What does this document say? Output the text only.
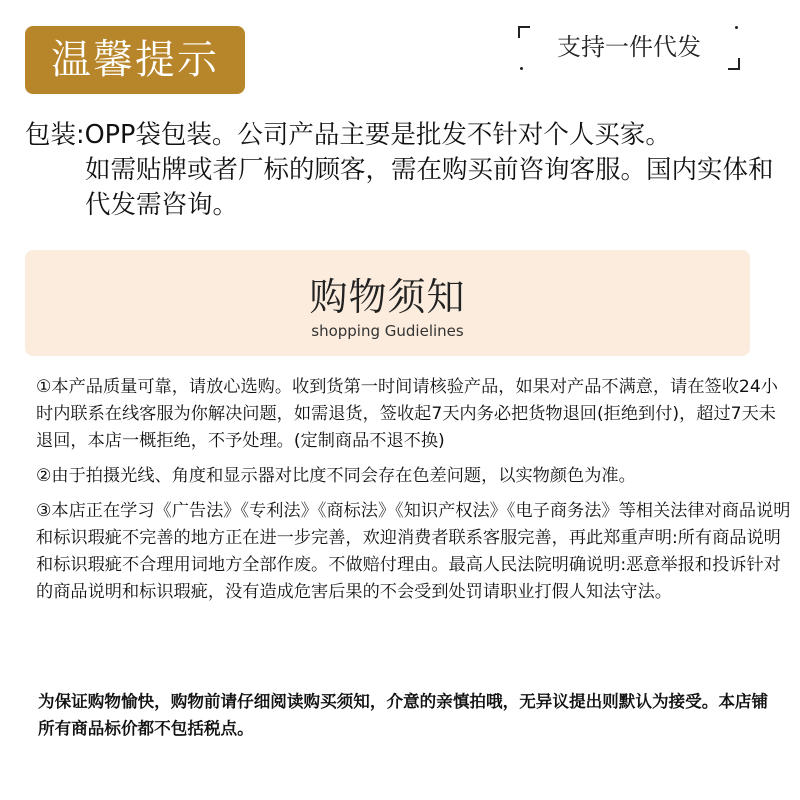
温馨提示	支持一件代发
包装:OPP袋包装。公司产品主要是批发不针对个人买家。
如需贴牌或者厂标的顾客，需在购买前咨询客服。国内实体和代发需咨询。
购物须知
shopping Gudielines

①本产品质量可靠，请放心选购。收到货第一时间请核验产品，如果对产品不满意，请在签收24小时内联系在线客服为你解决问题，如需退货，签收起7天内务必把货物退回(拒绝到付)，超过7天未退回，本店一概拒绝，不予处理。(定制商品不退不换)

②由于拍摄光线、角度和显示器对比度不同会存在色差问题，以实物颜色为准。

③本店正在学习《广告法》《专利法》《商标法》《知识产权法》《电子商务法》等相关法律对商品说明和标识瑕疵不完善的地方正在进一步完善，欢迎消费者联系客服完善，再此郑重声明:所有商品说明和标识瑕疵不合理用词地方全部作废。不做赔付理由。最高人民法院明确说明:恶意举报和投诉针对的商品说明和标识瑕疵，没有造成危害后果的不会受到处罚请职业打假人知法守法。

为保证购物愉快，购物前请仔细阅读购买须知，介意的亲慎拍哦，无异议提出则默认为接受。本店铺所有商品标价都不包括税点。
